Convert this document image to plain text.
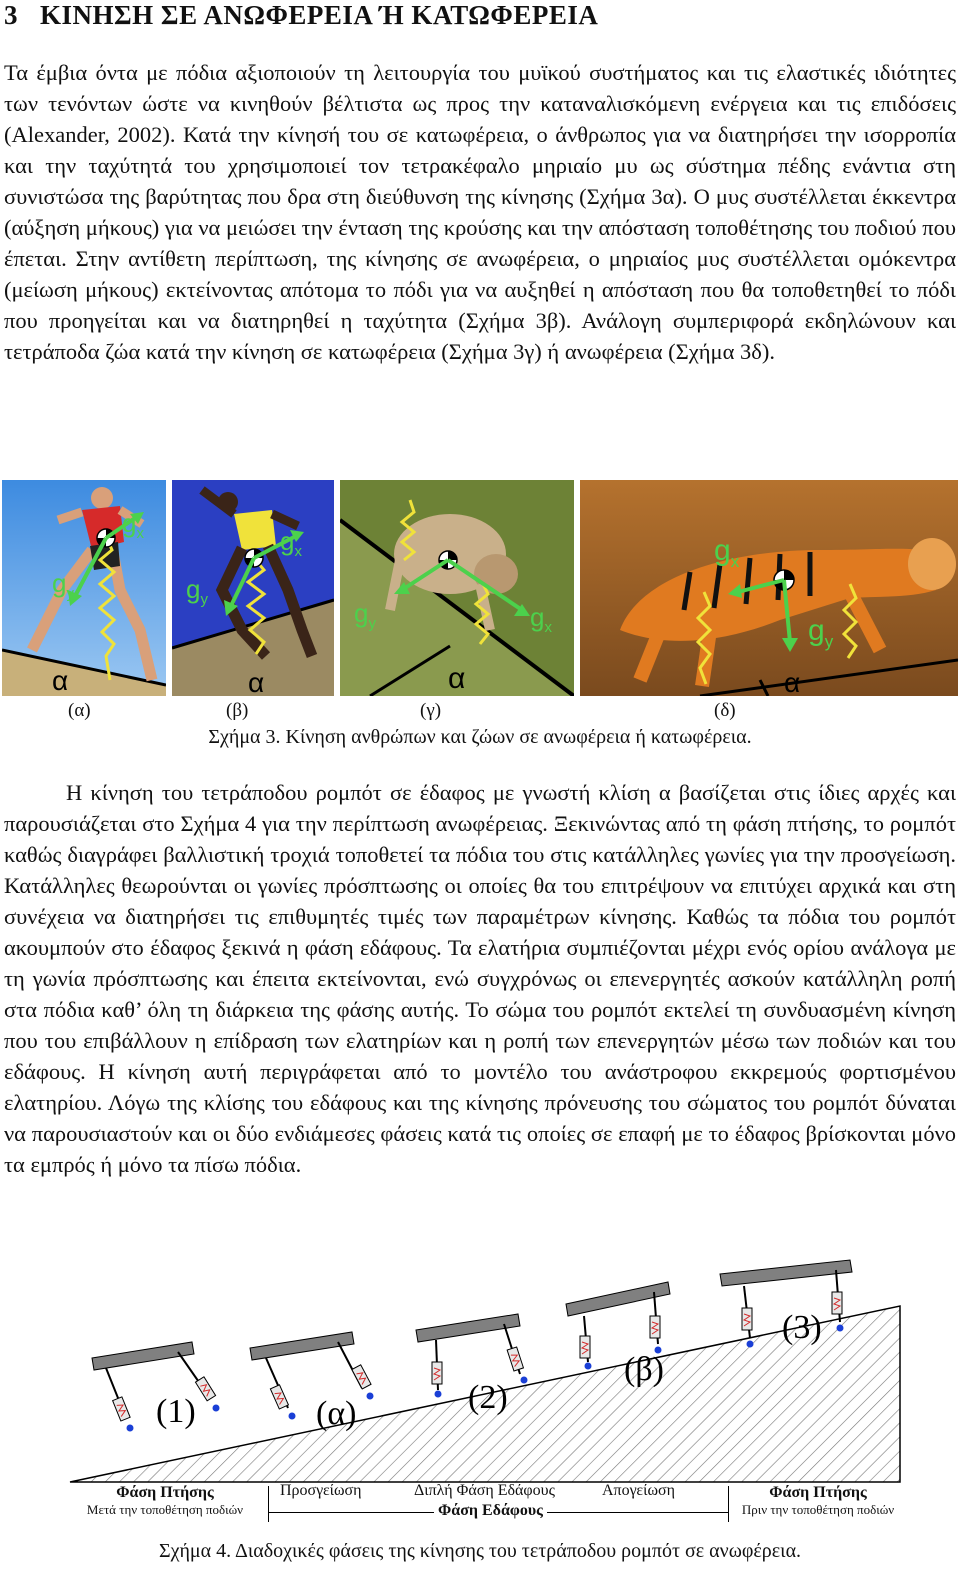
3 ΚΙΝΗΣΗ ΣΕ ΑΝΩΦΕΡΕΙΑ Ή ΚΑΤΩΦΕΡΕΙΑ

Τα έμβια όντα με πόδια αξιοποιούν τη λειτουργία του μυϊκού συστήματος και τις ελαστικές ιδιότητες των τενόντων ώστε να κινηθούν βέλτιστα ως προς την καταναλισκόμενη ενέργεια και τις επιδόσεις (Alexander, 2002). Κατά την κίνησή του σε κατωφέρεια, ο άνθρωπος για να διατηρήσει την ισορροπία και την ταχύτητά του χρησιμοποιεί τον τετρακέφαλο μηριαίο μυ ως σύστημα πέδης ενάντια στη συνιστώσα της βαρύτητας που δρα στη διεύθυνση της κίνησης (Σχήμα 3α). Ο μυς συστέλλεται έκκεντρα (αύξηση μήκους) για να μειώσει την ένταση της κρούσης και την απόσταση τοποθέτησης του ποδιού που έπεται. Στην αντίθετη περίπτωση, της κίνησης σε ανωφέρεια, ο μηριαίος μυς συστέλλεται ομόκεντρα (μείωση μήκους) εκτείνοντας απότομα το πόδι για να αυξηθεί η απόσταση που θα τοποθετηθεί το πόδι που προηγείται και να διατηρηθεί η ταχύτητα (Σχήμα 3β). Ανάλογη συμπεριφορά εκδηλώνουν και τετράποδα ζώα κατά την κίνηση σε κατωφέρεια (Σχήμα 3γ) ή ανωφέρεια (Σχήμα 3δ).

$g_x$
$g_y$
α
$g_x$
$g_y$
α
$g_x$
$g_y$
α
$g_x$
$g_y$
α
(α)	(β)	(γ)	(δ)
Σχήμα 3. Κίνηση ανθρώπων και ζώων σε ανωφέρεια ή κατωφέρεια.

Η κίνηση του τετράποδου ρομπότ σε έδαφος με γνωστή κλίση α βασίζεται στις ίδιες αρχές και παρουσιάζεται στο Σχήμα 4 για την περίπτωση ανωφέρειας. Ξεκινώντας από τη φάση πτήσης, το ρομπότ καθώς διαγράφει βαλλιστική τροχιά τοποθετεί τα πόδια του στις κατάλληλες γωνίες για την προσγείωση. Κατάλληλες θεωρούνται οι γωνίες πρόσπτωσης οι οποίες θα του επιτρέψουν να επιτύχει αρχικά και στη συνέχεια να διατηρήσει τις επιθυμητές τιμές των παραμέτρων κίνησης. Καθώς τα πόδια του ρομπότ ακουμπούν στο έδαφος ξεκινά η φάση εδάφους. Τα ελατήρια συμπιέζονται μέχρι ενός ορίου ανάλογα με τη γωνία πρόσπτωσης και έπειτα εκτείνονται, ενώ συγχρόνως οι επενεργητές ασκούν κατάλληλη ροπή στα πόδια καθ’ όλη τη διάρκεια της φάσης αυτής. Το σώμα του ρομπότ εκτελεί τη συνδυασμένη κίνηση που του επιβάλλουν η επίδραση των ελατηρίων και η ροπή των επενεργητών μέσω των ποδιών και του εδάφους. Η κίνηση αυτή περιγράφεται από το μοντέλο του ανάστροφου εκκρεμούς φορτισμένου ελατηρίου. Λόγω της κλίσης του εδάφους και της κίνησης πρόνευσης του σώματος του ρομπότ δύναται να παρουσιαστούν και οι δύο ενδιάμεσες φάσεις κατά τις οποίες σε επαφή με το έδαφος βρίσκονται μόνο τα εμπρός ή μόνο τα πίσω πόδια.

(1)	(α)	(2)
(β)
(3)
Φάση Πτήσης
Μετά την τοποθέτηση ποδιών
Προσγείωση	Διπλή Φάση Εδάφους	Απογείωση
Φάση Εδάφους
Φάση Πτήσης
Πριν την τοποθέτηση ποδιών
Σχήμα 4. Διαδοχικές φάσεις της κίνησης του τετράποδου ρομπότ σε ανωφέρεια.
